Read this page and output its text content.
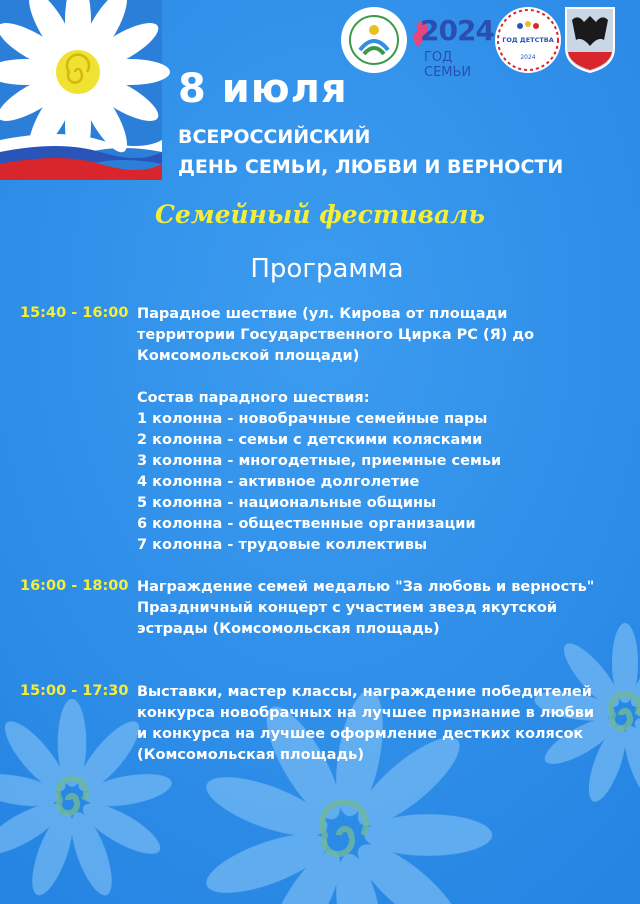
2024
ГОД СЕМЬИ
ГОД ДЕТСТВА
2024
8 июля
ВСЕРОССИЙСКИЙ
ДЕНЬ СЕМЬИ, ЛЮБВИ И ВЕРНОСТИ
Семейный фестиваль
Программа
15:40 - 16:00 Парадное шествие (ул. Кирова от площади территории Государственного Цирка РС (Я) до Комсомольской площади)

Состав парадного шествия:
1 колонна - новобрачные семейные пары
2 колонна - семьи с детскими колясками
3 колонна - многодетные, приемные семьи
4 колонна - активное долголетие
5 колонна - национальные общины
6 колонна - общественные организации
7 колонна - трудовые коллективы
16:00 - 18:00 Награждение семей медалью "За любовь и верность"
Праздничный концерт с участием звезд якутской эстрады (Комсомольская площадь)
15:00 - 17:30 Выставки, мастер классы, награждение победителей конкурса новобрачных на лучшее признание в любви и конкурса на лучшее оформление дестких колясок (Комсомольская площадь)
